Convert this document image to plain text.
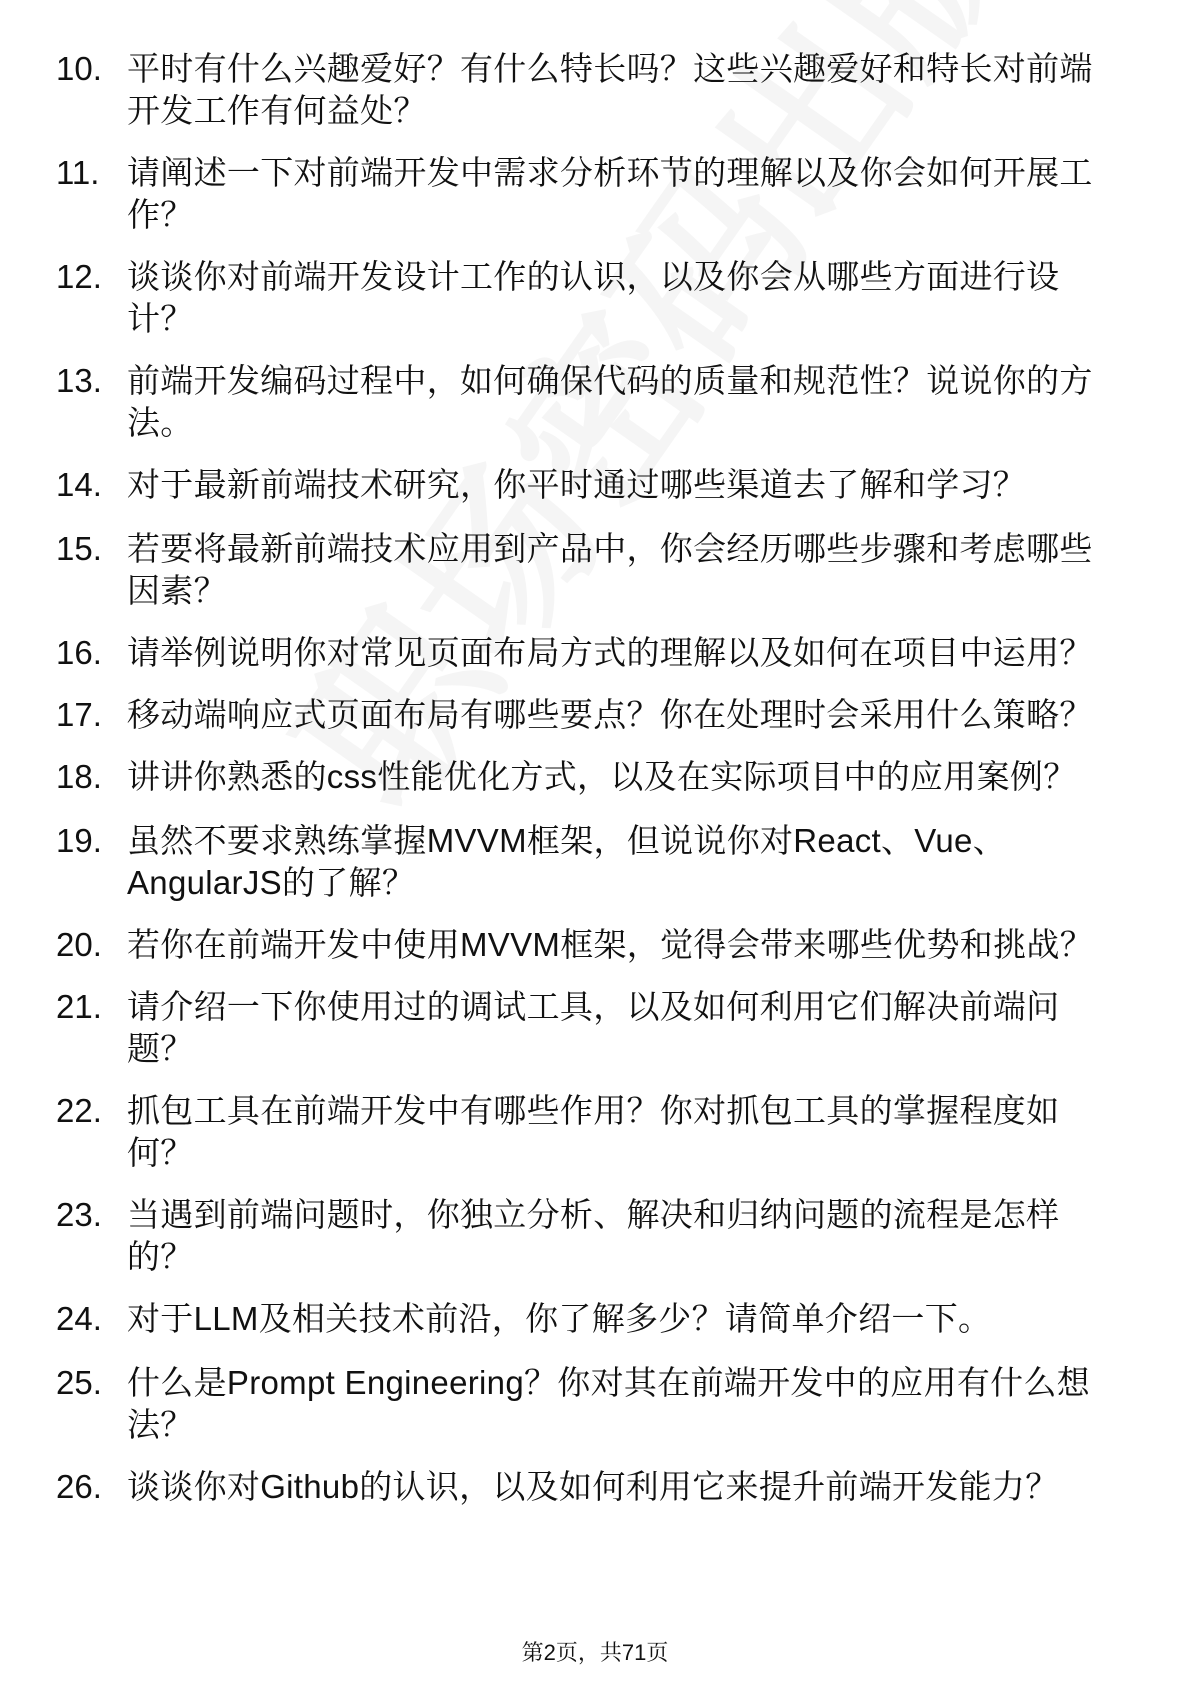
10. 平时有什么兴趣爱好？有什么特长吗？这些兴趣爱好和特长对前端开发工作有何益处？
11. 请阐述一下对前端开发中需求分析环节的理解以及你会如何开展工作？
12. 谈谈你对前端开发设计工作的认识，以及你会从哪些方面进行设计？
13. 前端开发编码过程中，如何确保代码的质量和规范性？说说你的方法。
14. 对于最新前端技术研究，你平时通过哪些渠道去了解和学习？
15. 若要将最新前端技术应用到产品中，你会经历哪些步骤和考虑哪些因素？
16. 请举例说明你对常见页面布局方式的理解以及如何在项目中运用？
17. 移动端响应式页面布局有哪些要点？你在处理时会采用什么策略？
18. 讲讲你熟悉的css性能优化方式，以及在实际项目中的应用案例？
19. 虽然不要求熟练掌握MVVM框架，但说说你对React、Vue、AngularJS的了解？
20. 若你在前端开发中使用MVVM框架，觉得会带来哪些优势和挑战？
21. 请介绍一下你使用过的调试工具，以及如何利用它们解决前端问题？
22. 抓包工具在前端开发中有哪些作用？你对抓包工具的掌握程度如何？
23. 当遇到前端问题时，你独立分析、解决和归纳问题的流程是怎样的？
24. 对于LLM及相关技术前沿，你了解多少？请简单介绍一下。
25. 什么是Prompt Engineering？你对其在前端开发中的应用有什么想法？
26. 谈谈你对Github的认识，以及如何利用它来提升前端开发能力？
第2页，共71页
